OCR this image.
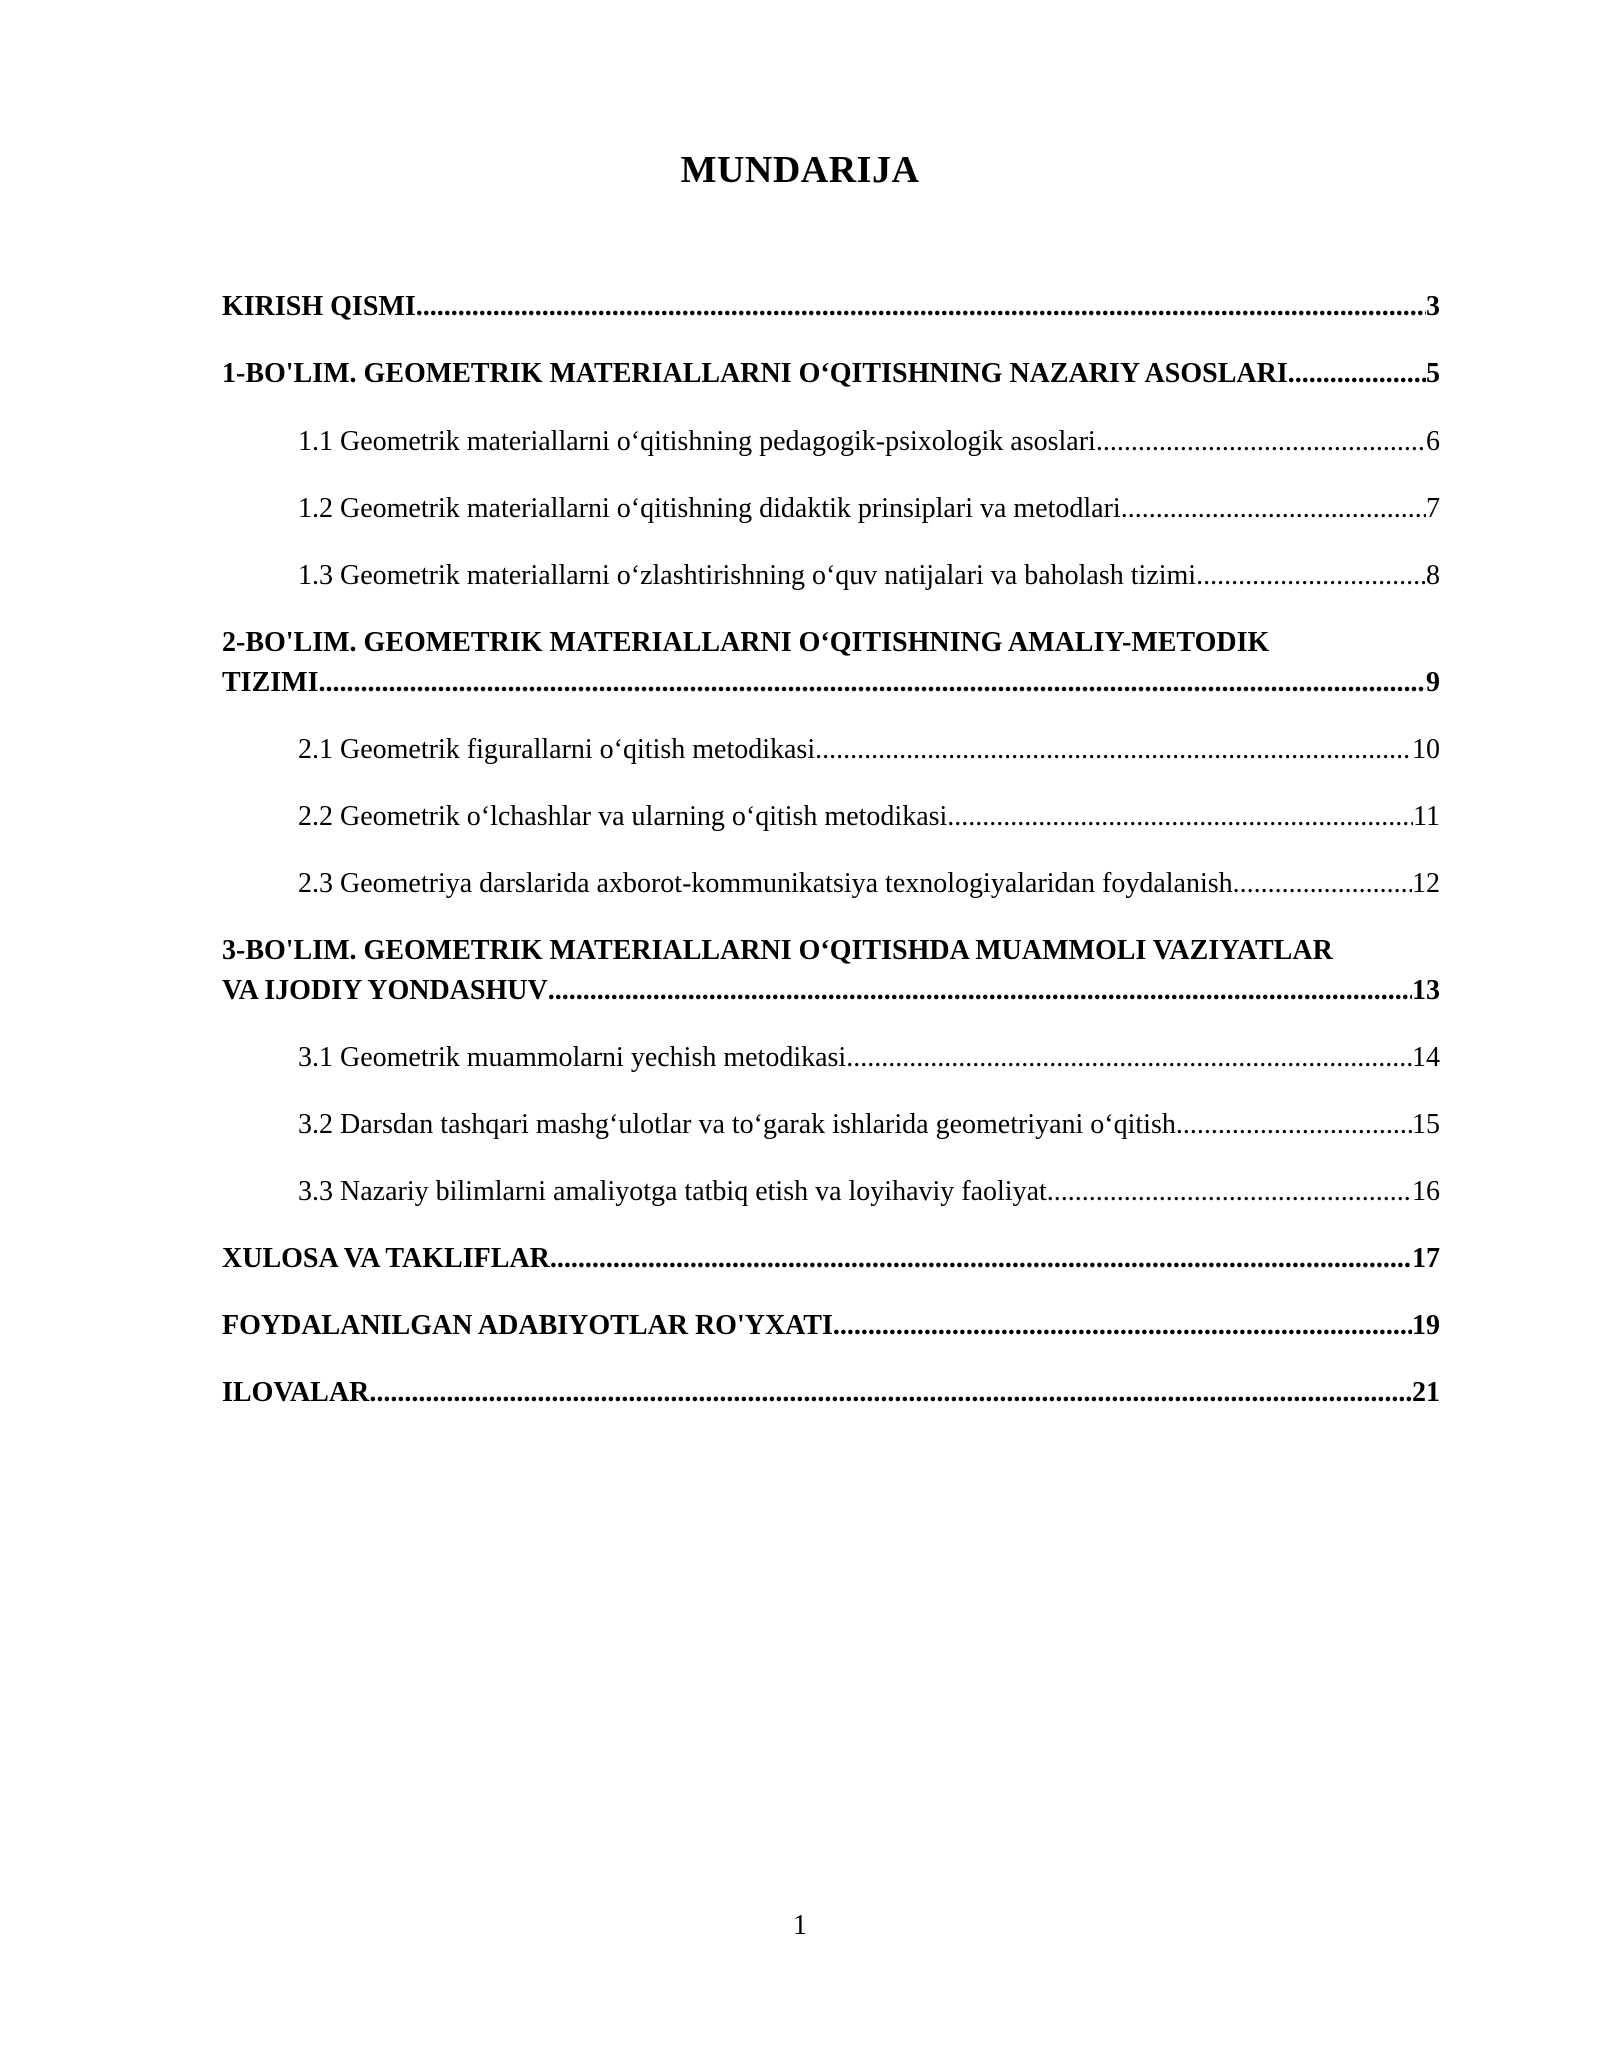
MUNDARIJA
KIRISH QISMI .....	3
1-BO'LIM. GEOMETRIK MATERIALLARNI O‘QITISHNING NAZARIY ASOSLARI .....	5
1.1 Geometrik materiallarni o‘qitishning pedagogik-psixologik asoslari .....	6
1.2 Geometrik materiallarni o‘qitishning didaktik prinsiplari va metodlari .....	7
1.3 Geometrik materiallarni o‘zlashtirishning o‘quv natijalari va baholash tizimi .....	8
2-BO'LIM. GEOMETRIK MATERIALLARNI O‘QITISHNING AMALIY-METODIK
TIZIMI .....	9
2.1 Geometrik figurallarni o‘qitish metodikasi .....	10
2.2 Geometrik o‘lchashlar va ularning o‘qitish metodikasi .....	11
2.3 Geometriya darslarida axborot-kommunikatsiya texnologiyalaridan foydalanish .....	12
3-BO'LIM. GEOMETRIK MATERIALLARNI O‘QITISHDA MUAMMOLI VAZIYATLAR
VA IJODIY YONDASHUV .....	13
3.1 Geometrik muammolarni yechish metodikasi .....	14
3.2 Darsdan tashqari mashg‘ulotlar va to‘garak ishlarida geometriyani o‘qitish .....	15
3.3 Nazariy bilimlarni amaliyotga tatbiq etish va loyihaviy faoliyat .....	16
XULOSA VA TAKLIFLAR .....	17
FOYDALANILGAN ADABIYOTLAR RO'YXATI .....	19
ILOVALAR .....	21
1
